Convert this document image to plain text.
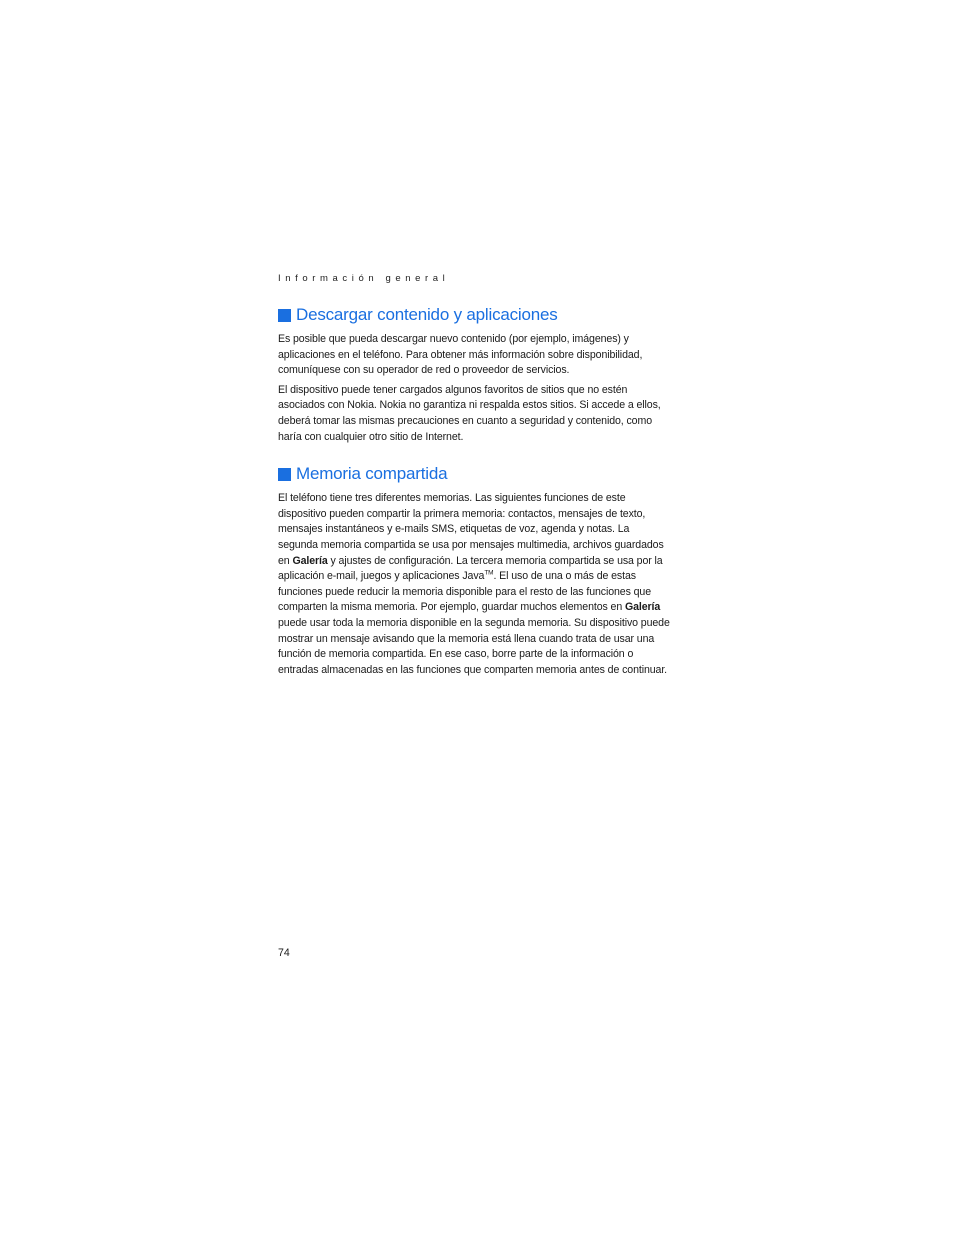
Información general
Descargar contenido y aplicaciones

Es posible que pueda descargar nuevo contenido (por ejemplo, imágenes) y aplicaciones en el teléfono. Para obtener más información sobre disponibilidad, comuníquese con su operador de red o proveedor de servicios.

El dispositivo puede tener cargados algunos favoritos de sitios que no estén asociados con Nokia. Nokia no garantiza ni respalda estos sitios. Si accede a ellos, deberá tomar las mismas precauciones en cuanto a seguridad y contenido, como haría con cualquier otro sitio de Internet.

Memoria compartida

El teléfono tiene tres diferentes memorias. Las siguientes funciones de este dispositivo pueden compartir la primera memoria: contactos, mensajes de texto, mensajes instantáneos y e-mails SMS, etiquetas de voz, agenda y notas. La segunda memoria compartida se usa por mensajes multimedia, archivos guardados en Galería y ajustes de configuración. La tercera memoria compartida se usa por la aplicación e-mail, juegos y aplicaciones Java™. El uso de una o más de estas funciones puede reducir la memoria disponible para el resto de las funciones que comparten la misma memoria. Por ejemplo, guardar muchos elementos en Galería puede usar toda la memoria disponible en la segunda memoria. Su dispositivo puede mostrar un mensaje avisando que la memoria está llena cuando trata de usar una función de memoria compartida. En ese caso, borre parte de la información o entradas almacenadas en las funciones que comparten memoria antes de continuar.

74
